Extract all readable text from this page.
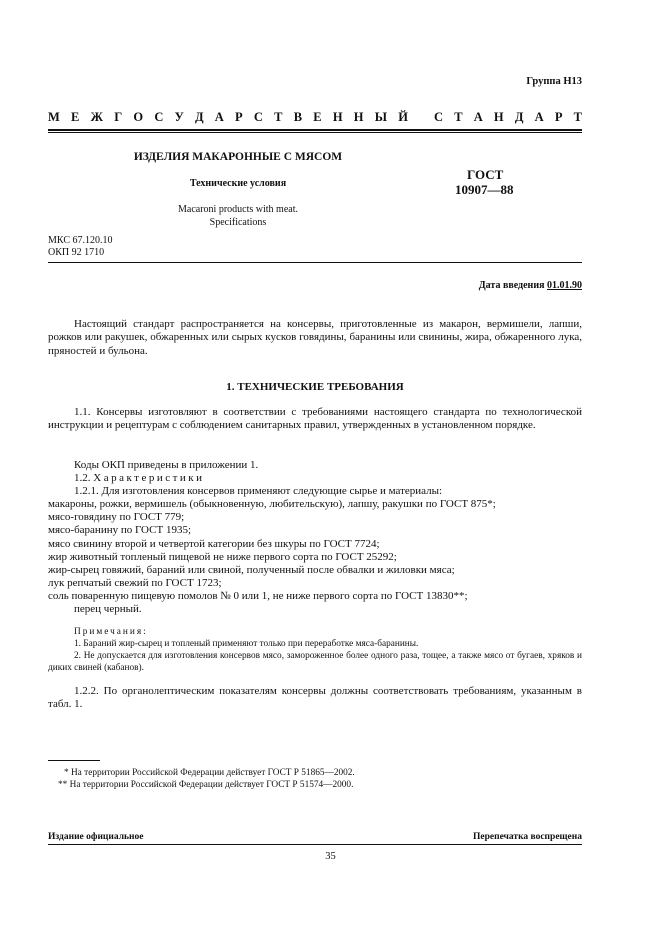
Группа Н13
М Е Ж Г О С У Д А Р С Т В Е Н Н Ы Й С Т А Н Д А Р Т
ИЗДЕЛИЯ МАКАРОННЫЕ С МЯСОМ
Технические условия
Macaroni products with meat.
Specifications
ГОСТ
10907—88
МКС 67.120.10
ОКП 92 1710
Дата введения 01.01.90
Настоящий стандарт распространяется на консервы, приготовленные из макарон, вермишели, лапши, рожков или ракушек, обжаренных или сырых кусков говядины, баранины или свинины, жира, обжаренного лука, пряностей и бульона.
1. ТЕХНИЧЕСКИЕ ТРЕБОВАНИЯ
1.1. Консервы изготовляют в соответствии с требованиями настоящего стандарта по технологической инструкции и рецептурам с соблюдением санитарных правил, утвержденных в установленном порядке.
Коды ОКП приведены в приложении 1.
1.2. Характеристики
1.2.1. Для изготовления консервов применяют следующие сырье и материалы:
макароны, рожки, вермишель (обыкновенную, любительскую), лапшу, ракушки по ГОСТ 875*;
мясо-говядину по ГОСТ 779;
мясо-баранину по ГОСТ 1935;
мясо свинину второй и четвертой категории без шкуры по ГОСТ 7724;
жир животный топленый пищевой не ниже первого сорта по ГОСТ 25292;
жир-сырец говяжий, бараний или свиной, полученный после обвалки и жиловки мяса;
лук репчатый свежий по ГОСТ 1723;
соль поваренную пищевую помолов № 0 или 1, не ниже первого сорта по ГОСТ 13830**;
перец черный.
Примечания:
1. Бараний жир-сырец и топленый применяют только при переработке мяса-баранины.
2. Не допускается для изготовления консервов мясо, замороженное более одного раза, тощее, а также мясо от бугаев, хряков и диких свиней (кабанов).
1.2.2. По органолептическим показателям консервы должны соответствовать требованиям, указанным в табл. 1.
* На территории Российской Федерации действует ГОСТ Р 51865—2002.
** На территории Российской Федерации действует ГОСТ Р 51574—2000.
Издание официальное	Перепечатка воспрещена
35
